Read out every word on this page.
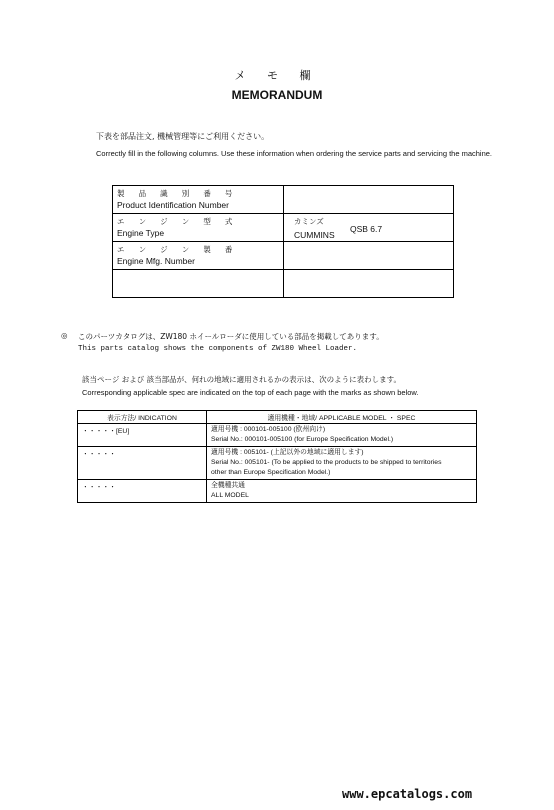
メ モ 欄
MEMORANDUM
下表を部品注文, 機械管理等にご利用ください。
Correctly fill in the following columns. Use these information when ordering the service parts and servicing the machine.
製 品 識 別 番 号
Product Identification Number	

エ ン ジ ン 型 式
Engine Type	カミンズ
CUMMINS
QSB 6.7

エ ン ジ ン 製 番
Engine Mfg. Number	

◎ このパーツカタログは、ZW180 ホイールローダに使用している部品を掲載してあります。
This parts catalog shows the components of ZW180 Wheel Loader.
該当ページ および 該当部品が、何れの地域に適用されるかの表示は、次のように表わします。
Corresponding applicable spec are indicated on the top of each page with the marks as shown below.
表示方法/ INDICATION	適用機種・地域/ APPLICABLE MODEL ・ SPEC
・・・・・[EU]	適用号機 : 000101-005100 (欧州向け)
Serial No.: 000101-005100 (for Europe Specification Model.)

・・・・・	適用号機 : 005101- (上記以外の地域に適用します)
Serial No.: 005101- (To be applied to the products to be shipped to territories
other than Europe Specification Model.)

・・・・・	全機種共通
ALL MODEL
www.epcatalogs.com
